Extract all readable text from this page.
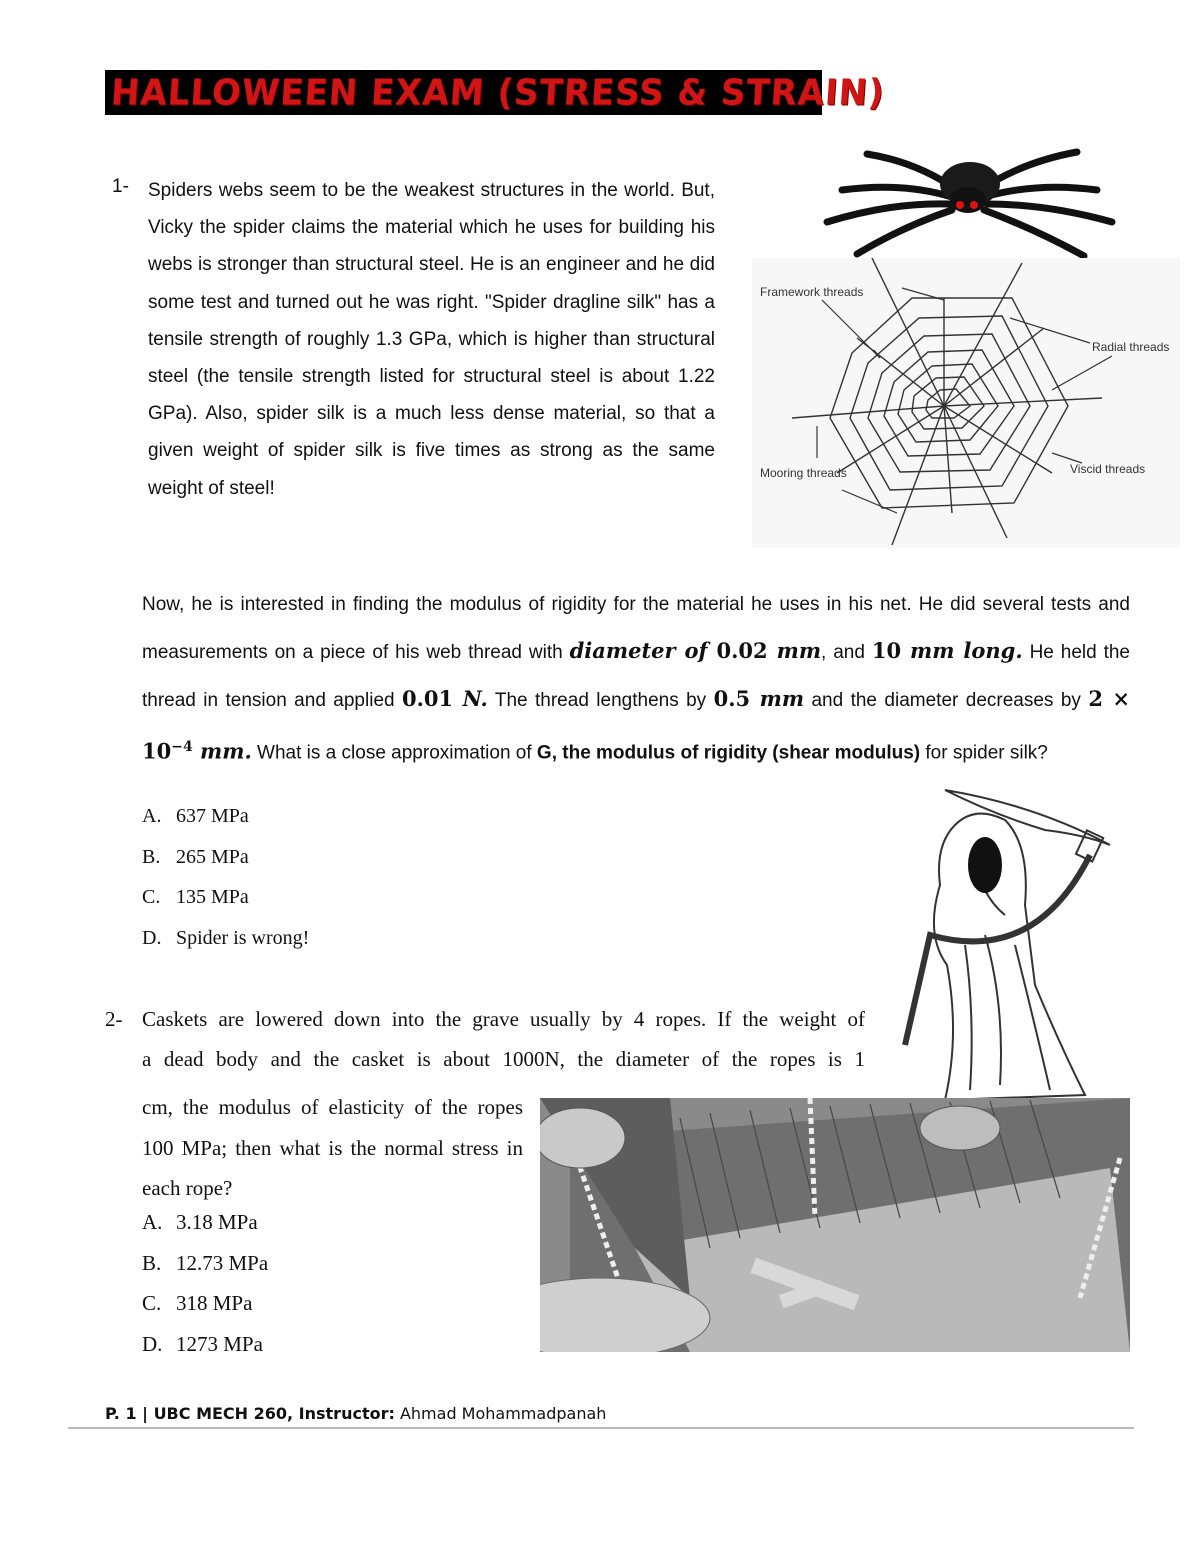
HALLOWEEN EXAM (STRESS & STRAIN)
1- Spiders webs seem to be the weakest structures in the world. But, Vicky the spider claims the material which he uses for building his webs is stronger than structural steel. He is an engineer and he did some test and turned out he was right. "Spider dragline silk" has a tensile strength of roughly 1.3 GPa, which is higher than structural steel (the tensile strength listed for structural steel is about 1.22 GPa). Also, spider silk is a much less dense material, so that a given weight of spider silk is five times as strong as the same weight of steel!
Framework threads
Radial threads
Mooring threads	Viscid threads
Now, he is interested in finding the modulus of rigidity for the material he uses in his net. He did several tests and measurements on a piece of his web thread with diameter of 0.02 mm, and 10 mm long. He held the thread in tension and applied 0.01 N. The thread lengthens by 0.5 mm and the diameter decreases by $2 \times 10^{-4}$ mm. What is a close approximation of G, the modulus of rigidity (shear modulus) for spider silk?
A. 637 MPa
B. 265 MPa
C. 135 MPa
D. Spider is wrong!
2- Caskets are lowered down into the grave usually by 4 ropes. If the weight of
a dead body and the casket is about 1000N, the diameter of the ropes is 1
cm, the modulus of elasticity of the ropes 100 MPa; then what is the normal stress in each rope?
A. 3.18 MPa
B. 12.73 MPa
C. 318 MPa
D. 1273 MPa
P. 1 | UBC MECH 260, Instructor: Ahmad Mohammadpanah
